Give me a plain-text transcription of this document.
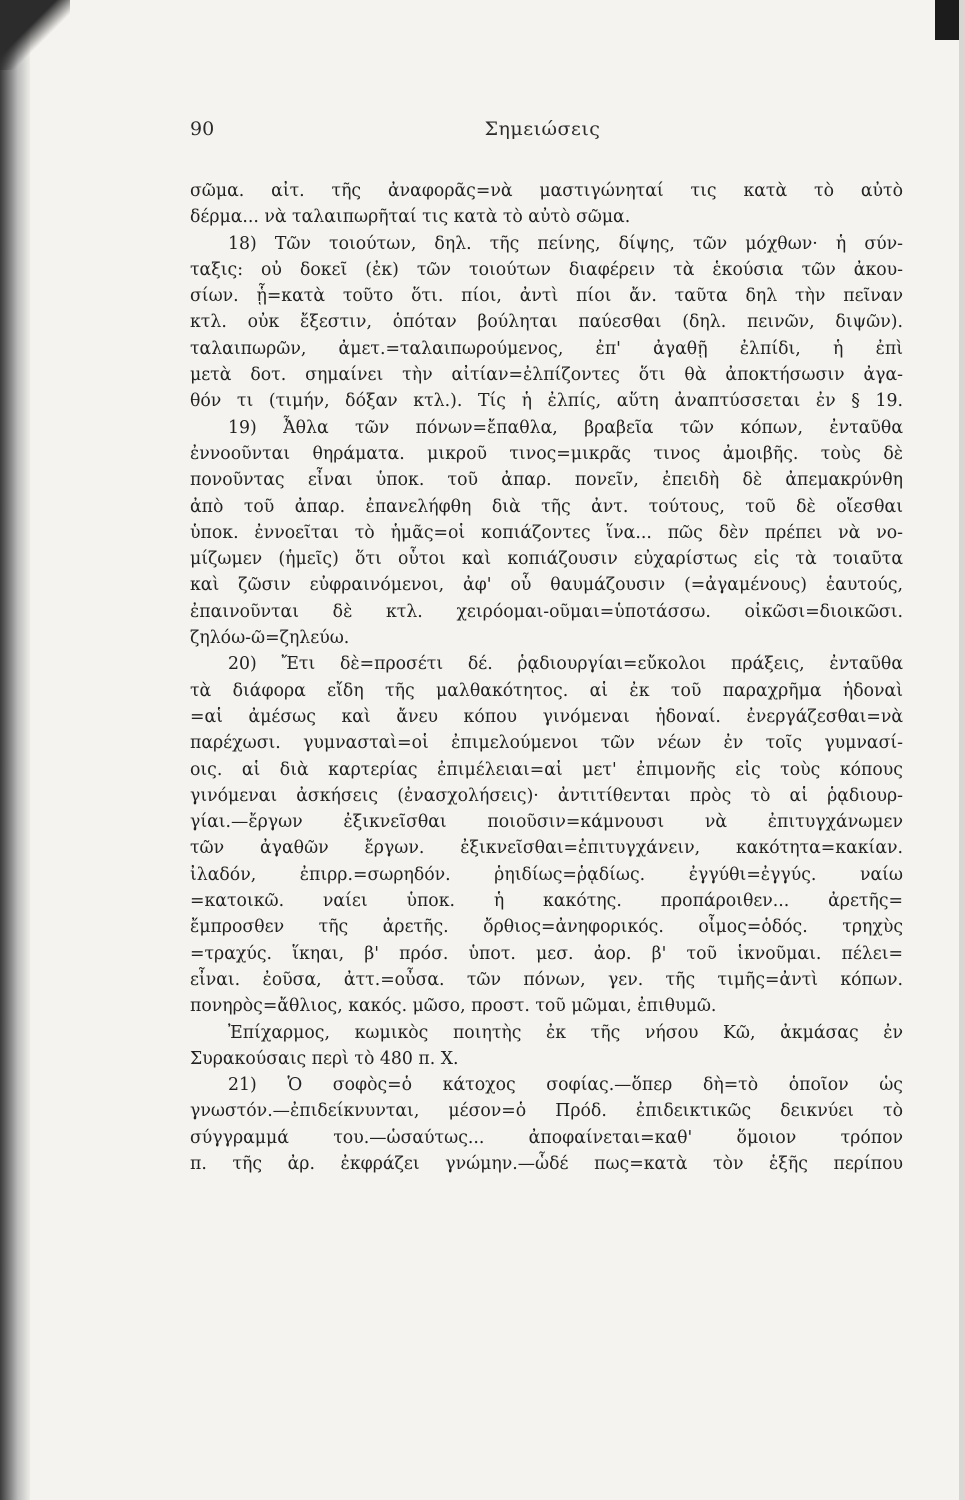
90	Σημειώσεις
σῶμα. αἰτ. τῆς ἀναφορᾶς=νὰ μαστιγώνηταί τις κατὰ τὸ αὐτὸ
δέρμα... νὰ ταλαιπωρῆταί τις κατὰ τὸ αὐτὸ σῶμα.
18) Τῶν τοιούτων, δηλ. τῆς πείνης, δίψης, τῶν μόχθων· ἡ σύν-
ταξις: οὐ δοκεῖ (ἐκ) τῶν τοιούτων διαφέρειν τὰ ἑκούσια τῶν ἀκου-
σίων. ᾗ=κατὰ τοῦτο ὅτι. πίοι, ἀντὶ πίοι ἄν. ταῦτα δηλ τὴν πεῖναν
κτλ. οὐκ ἔξεστιν, ὁπόταν βούληται παύεσθαι (δηλ. πεινῶν, διψῶν).
ταλαιπωρῶν, ἀμετ.=ταλαιπωρούμενος, ἐπ' ἀγαθῇ ἐλπίδι, ἡ ἐπὶ
μετὰ δοτ. σημαίνει τὴν αἰτίαν=ἐλπίζοντες ὅτι θὰ ἀποκτήσωσιν ἀγα-
θόν τι (τιμήν, δόξαν κτλ.). Τίς ἡ ἐλπίς, αὕτη ἀναπτύσσεται ἐν § 19.
19) Ἆθλα τῶν πόνων=ἔπαθλα, βραβεῖα τῶν κόπων, ἐνταῦθα
ἐννοοῦνται θηράματα. μικροῦ τινος=μικρᾶς τινος ἀμοιβῆς. τοὺς δὲ
πονοῦντας εἶναι ὑποκ. τοῦ ἀπαρ. πονεῖν, ἐπειδὴ δὲ ἀπεμακρύνθη
ἀπὸ τοῦ ἀπαρ. ἐπανελήφθη διὰ τῆς ἀντ. τούτους, τοῦ δὲ οἴεσθαι
ὑποκ. ἐννοεῖται τὸ ἡμᾶς=οἱ κοπιάζοντες ἵνα... πῶς δὲν πρέπει νὰ νο-
μίζωμεν (ἡμεῖς) ὅτι οὗτοι καὶ κοπιάζουσιν εὐχαρίστως εἰς τὰ τοιαῦτα
καὶ ζῶσιν εὐφραινόμενοι, ἀφ' οὗ θαυμάζουσιν (=ἀγαμένους) ἑαυτούς,
ἐπαινοῦνται δὲ κτλ. χειρόομαι-οῦμαι=ὑποτάσσω. οἰκῶσι=διοικῶσι.
ζηλόω-ῶ=ζηλεύω.
20) Ἔτι δὲ=προσέτι δέ. ῥᾳδιουργίαι=εὔκολοι πράξεις, ἐνταῦθα
τὰ διάφορα εἴδη τῆς μαλθακότητος. αἱ ἐκ τοῦ παραχρῆμα ἡδοναὶ
=αἱ ἀμέσως καὶ ἄνευ κόπου γινόμεναι ἡδοναί. ἐνεργάζεσθαι=νὰ
παρέχωσι. γυμνασταὶ=οἱ ἐπιμελούμενοι τῶν νέων ἐν τοῖς γυμνασί-
οις. αἱ διὰ καρτερίας ἐπιμέλειαι=αἱ μετ' ἐπιμονῆς εἰς τοὺς κόπους
γινόμεναι ἀσκήσεις (ἐνασχολήσεις)· ἀντιτίθενται πρὸς τὸ αἱ ῥᾳδιουρ-
γίαι.—ἔργων ἐξικνεῖσθαι ποιοῦσιν=κάμνουσι νὰ ἐπιτυγχάνωμεν
τῶν ἀγαθῶν ἔργων. ἐξικνεῖσθαι=ἐπιτυγχάνειν, κακότητα=κακίαν.
ἰλαδόν, ἐπιρρ.=σωρηδόν. ῥηιδίως=ῥᾳδίως. ἐγγύθι=ἐγγύς. ναίω
=κατοικῶ. ναίει ὑποκ. ἡ κακότης. προπάροιθεν... ἀρετῆς=
ἔμπροσθεν τῆς ἀρετῆς. ὄρθιος=ἀνηφορικός. οἶμος=ὁδός. τρηχὺς
=τραχύς. ἵκηαι, β' πρόσ. ὑποτ. μεσ. ἀορ. β' τοῦ ἱκνοῦμαι. πέλει=
εἶναι. ἐοῦσα, ἀττ.=οὖσα. τῶν πόνων, γεν. τῆς τιμῆς=ἀντὶ κόπων.
πονηρὸς=ἄθλιος, κακός. μῶσο, προστ. τοῦ μῶμαι, ἐπιθυμῶ.
Ἐπίχαρμος, κωμικὸς ποιητὴς ἐκ τῆς νήσου Κῶ, ἀκμάσας ἐν
Συρακούσαις περὶ τὸ 480 π. Χ.
21) Ὁ σοφὸς=ὁ κάτοχος σοφίας.—ὅπερ δὴ=τὸ ὁποῖον ὡς
γνωστόν.—ἐπιδείκνυνται, μέσον=ὁ Πρόδ. ἐπιδεικτικῶς δεικνύει τὸ
σύγγραμμά του.—ὡσαύτως... ἀποφαίνεται=καθ' ὅμοιον τρόπον
π. τῆς ἀρ. ἐκφράζει γνώμην.—ὧδέ πως=κατὰ τὸν ἑξῆς περίπου
